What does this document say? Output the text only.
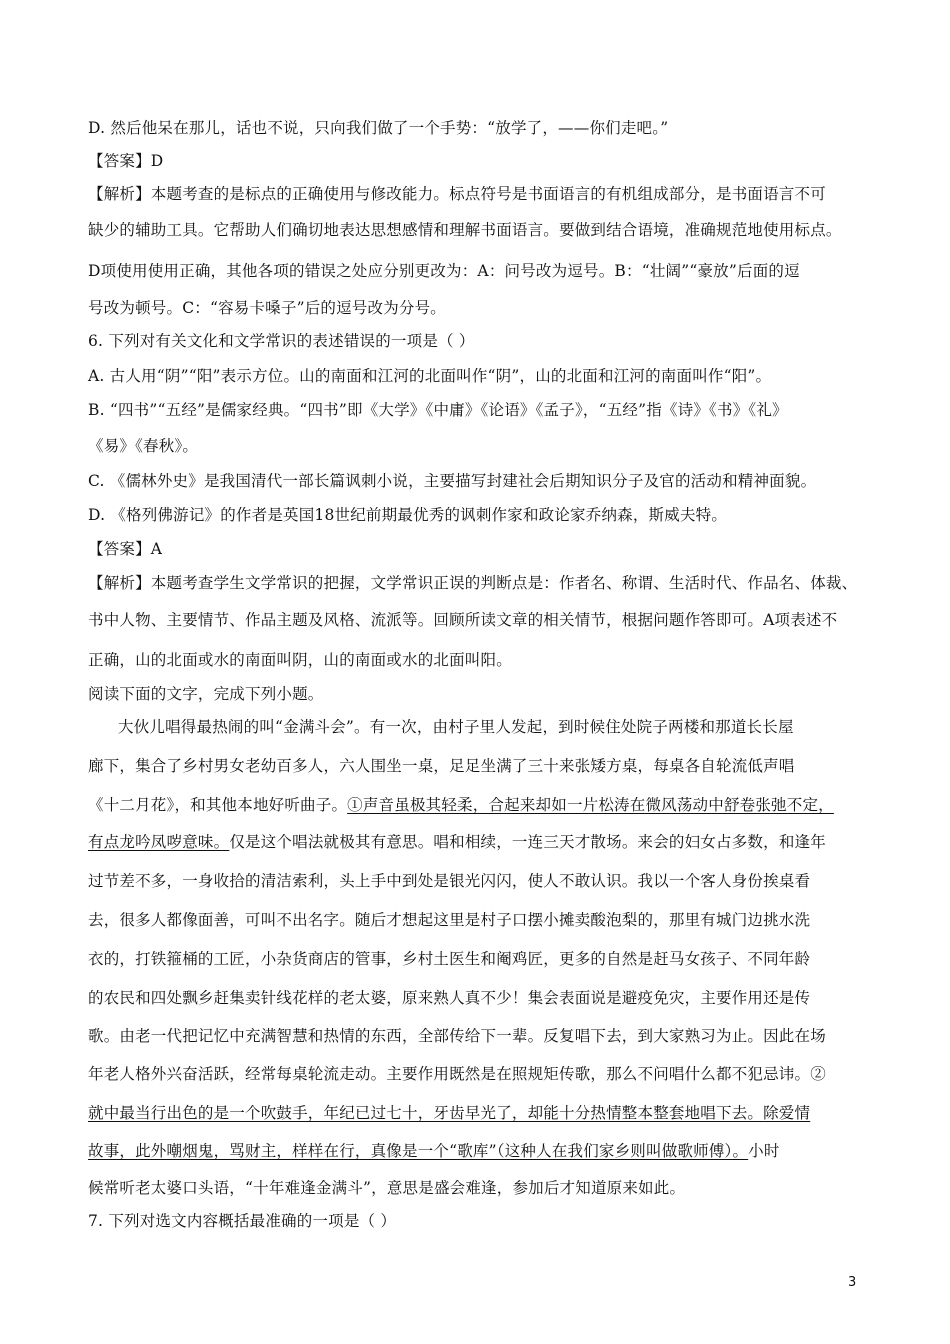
D. 然后他呆在那儿，话也不说，只向我们做了一个手势：“放学了，——你们走吧。”
【答案】D
【解析】本题考查的是标点的正确使用与修改能力。标点符号是书面语言的有机组成部分，是书面语言不可
缺少的辅助工具。它帮助人们确切地表达思想感情和理解书面语言。要做到结合语境，准确规范地使用标点。
D项使用使用正确，其他各项的错误之处应分别更改为：A：问号改为逗号。B：“壮阔”“豪放”后面的逗
号改为顿号。C：“容易卡嗓子”后的逗号改为分号。
6. 下列对有关文化和文学常识的表述错误的一项是（ ）
A. 古人用“阴”“阳”表示方位。山的南面和江河的北面叫作“阴”，山的北面和江河的南面叫作“阳”。
B. “四书”“五经”是儒家经典。“四书”即《大学》《中庸》《论语》《孟子》，“五经”指《诗》《书》《礼》
《易》《春秋》。
C. 《儒林外史》是我国清代一部长篇讽刺小说，主要描写封建社会后期知识分子及官的活动和精神面貌。
D. 《格列佛游记》的作者是英国18世纪前期最优秀的讽刺作家和政论家乔纳森，斯威夫特。
【答案】A
【解析】本题考查学生文学常识的把握，文学常识正误的判断点是：作者名、称谓、生活时代、作品名、体裁、
书中人物、主要情节、作品主题及风格、流派等。回顾所读文章的相关情节，根据问题作答即可。A项表述不
正确，山的北面或水的南面叫阴，山的南面或水的北面叫阳。
阅读下面的文字，完成下列小题。
大伙儿唱得最热闹的叫“金满斗会”。有一次，由村子里人发起，到时候住处院子两楼和那道长长屋
廊下，集合了乡村男女老幼百多人，六人围坐一桌，足足坐满了三十来张矮方桌，每桌各自轮流低声唱
《十二月花》，和其他本地好听曲子。①声音虽极其轻柔，合起来却如一片松涛在微风荡动中舒卷张弛不定，
有点龙吟凤哕意味。仅是这个唱法就极其有意思。唱和相续，一连三天才散场。来会的妇女占多数，和逢年
过节差不多，一身收拾的清洁索利，头上手中到处是银光闪闪，使人不敢认识。我以一个客人身份挨桌看
去，很多人都像面善，可叫不出名字。随后才想起这里是村子口摆小摊卖酸泡梨的，那里有城门边挑水洗
衣的，打铁箍桶的工匠，小杂货商店的管事，乡村土医生和阉鸡匠，更多的自然是赶马女孩子、不同年龄
的农民和四处飘乡赶集卖针线花样的老太婆，原来熟人真不少！集会表面说是避疫免灾，主要作用还是传
歌。由老一代把记忆中充满智慧和热情的东西，全部传给下一辈。反复唱下去，到大家熟习为止。因此在场
年老人格外兴奋活跃，经常每桌轮流走动。主要作用既然是在照规矩传歌，那么不问唱什么都不犯忌讳。②
就中最当行出色的是一个吹鼓手，年纪已过七十，牙齿早光了，却能十分热情整本整套地唱下去。除爱情
故事，此外嘲烟鬼，骂财主，样样在行，真像是一个“歌库”（这种人在我们家乡则叫做歌师傅）。小时
候常听老太婆口头语，“十年难逢金满斗”，意思是盛会难逢，参加后才知道原来如此。
7. 下列对选文内容概括最准确的一项是（ ）
3
